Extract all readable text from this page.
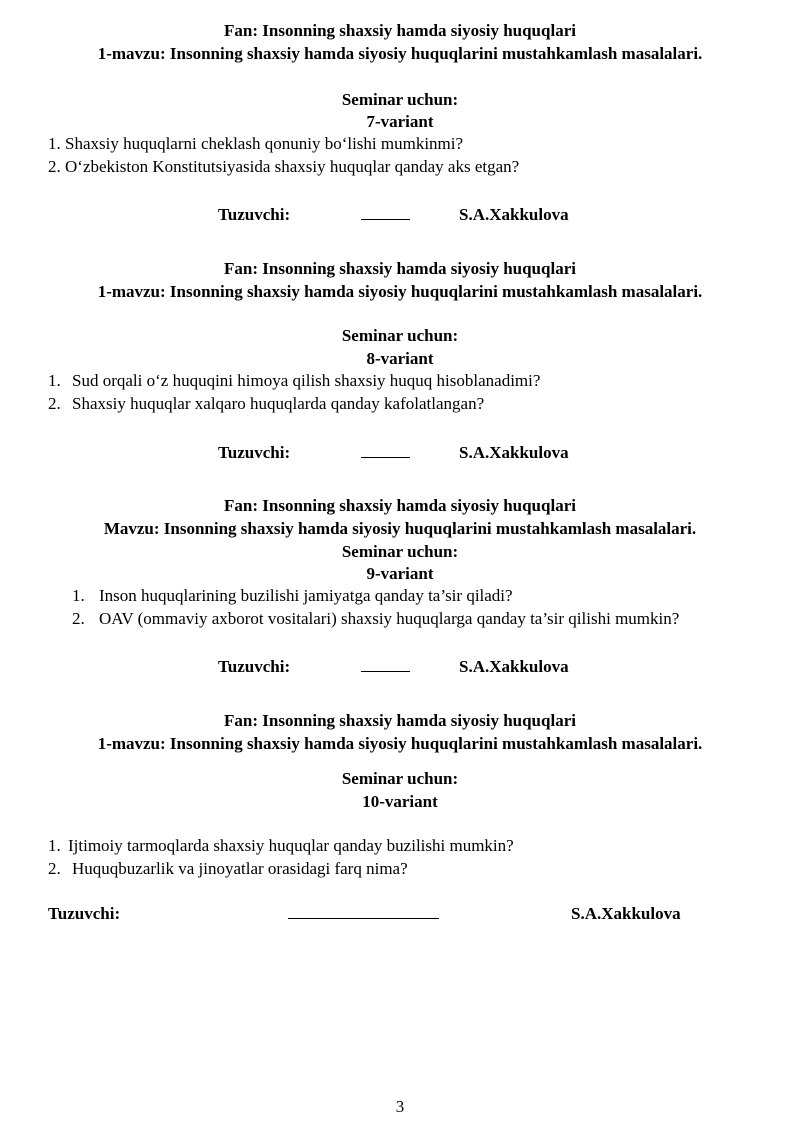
Fan: Insonning shaxsiy hamda siyosiy huquqlari
1-mavzu: Insonning shaxsiy hamda siyosiy huquqlarini mustahkamlash masalalari.
Seminar uchun:
7-variant
1. Shaxsiy huquqlarni cheklash qonuniy bo‘lishi mumkinmi?
2. O‘zbekiston Konstitutsiyasida shaxsiy huquqlar qanday aks etgan?
Tuzuvchi:	S.A.Xakkulova
Fan: Insonning shaxsiy hamda siyosiy huquqlari
1-mavzu: Insonning shaxsiy hamda siyosiy huquqlarini mustahkamlash masalalari.
Seminar uchun:
8-variant
1. Sud orqali o‘z huquqini himoya qilish shaxsiy huquq hisoblanadimi?
2. Shaxsiy huquqlar xalqaro huquqlarda qanday kafolatlangan?
Tuzuvchi:	S.A.Xakkulova
Fan: Insonning shaxsiy hamda siyosiy huquqlari
Mavzu: Insonning shaxsiy hamda siyosiy huquqlarini mustahkamlash masalalari.
Seminar uchun:
9-variant
1. Inson huquqlarining buzilishi jamiyatga qanday ta’sir qiladi?
2. OAV (ommaviy axborot vositalari) shaxsiy huquqlarga qanday ta’sir qilishi mumkin?
Tuzuvchi:	S.A.Xakkulova
Fan: Insonning shaxsiy hamda siyosiy huquqlari
1-mavzu: Insonning shaxsiy hamda siyosiy huquqlarini mustahkamlash masalalari.
Seminar uchun:
10-variant
1. Ijtimoiy tarmoqlarda shaxsiy huquqlar qanday buzilishi mumkin?
2. Huquqbuzarlik va jinoyatlar orasidagi farq nima?
Tuzuvchi:	S.A.Xakkulova
3
